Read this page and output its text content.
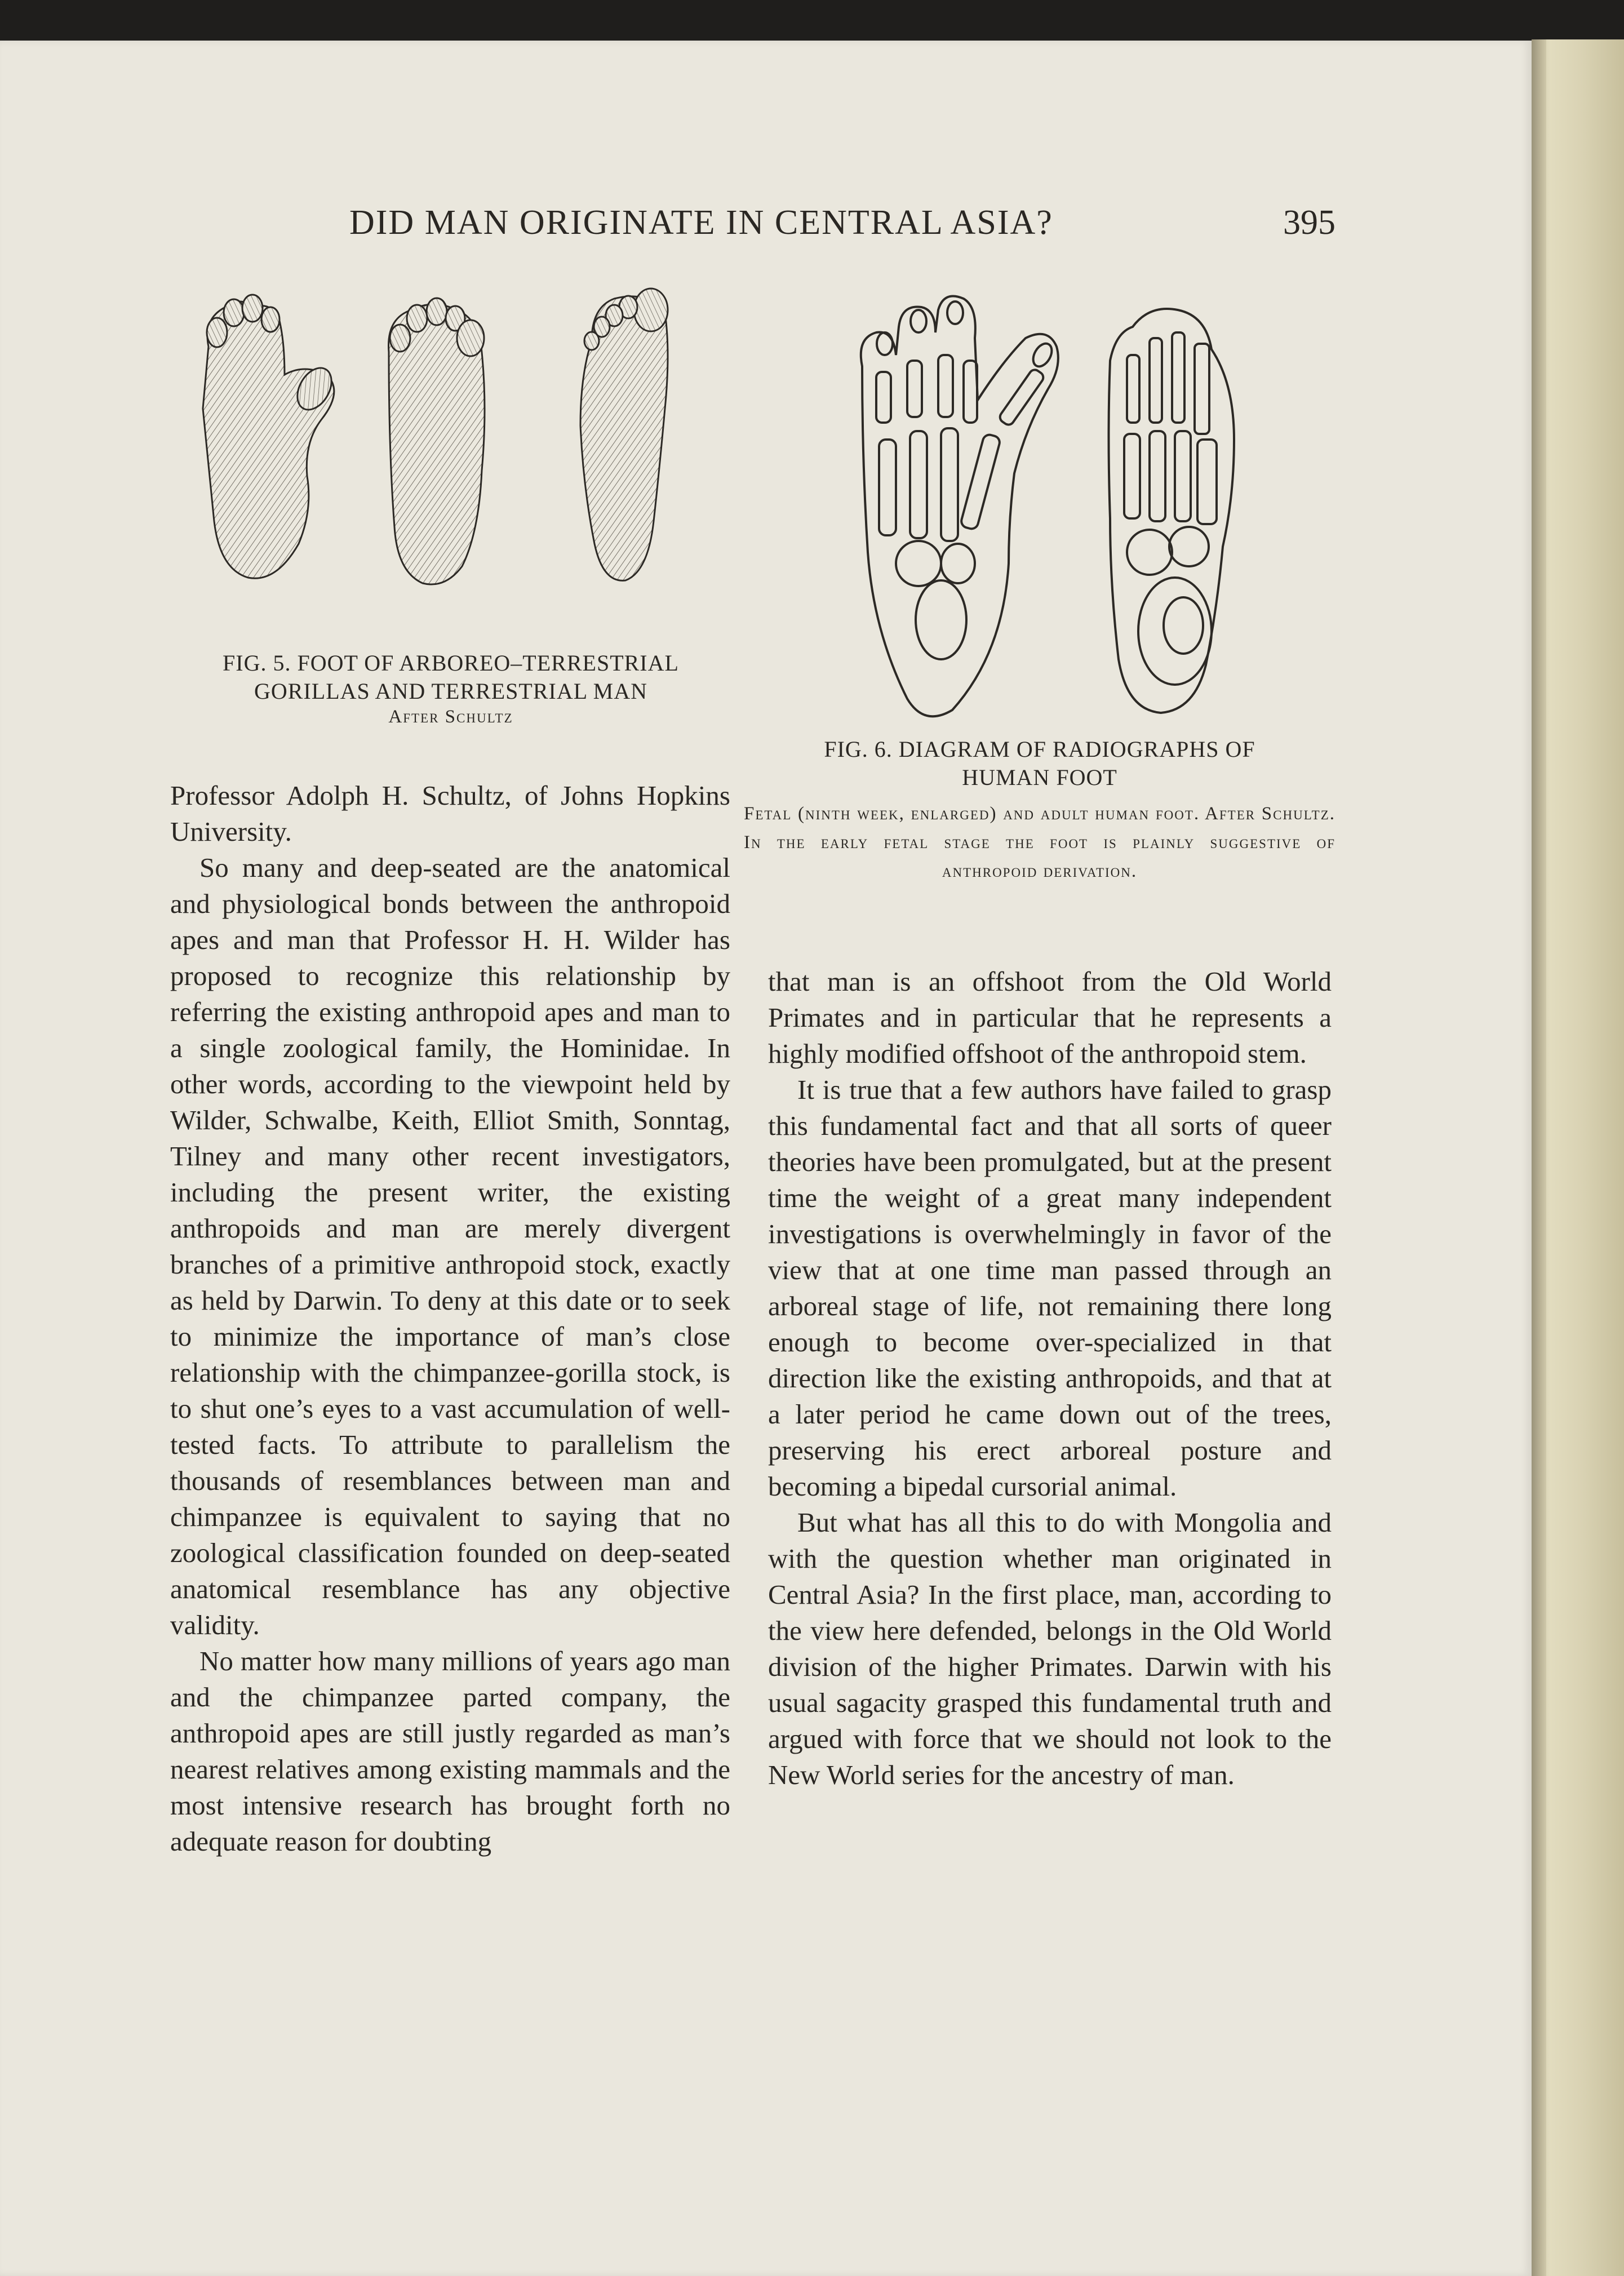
DID MAN ORIGINATE IN CENTRAL ASIA?	395
FIG. 5. FOOT OF ARBOREO–TERRESTRIAL
GORILLAS AND TERRESTRIAL MAN
After Schultz
FIG. 6. DIAGRAM OF RADIOGRAPHS OF
HUMAN FOOT
Fetal (ninth week, enlarged) and adult human foot. After Schultz. In the early fetal stage the foot is plainly suggestive of anthropoid derivation.

Professor Adolph H. Schultz, of Johns Hopkins University.

So many and deep-seated are the anatomical and physiological bonds between the anthropoid apes and man that Professor H. H. Wilder has proposed to recognize this relationship by referring the existing anthropoid apes and man to a single zoological family, the Hominidae. In other words, according to the viewpoint held by Wilder, Schwalbe, Keith, Elliot Smith, Sonntag, Tilney and many other recent investigators, including the present writer, the existing anthropoids and man are merely divergent branches of a primitive anthropoid stock, exactly as held by Darwin. To deny at this date or to seek to minimize the importance of man’s close relationship with the chimpanzee-gorilla stock, is to shut one’s eyes to a vast accumulation of well-tested facts. To attribute to parallelism the thousands of resemblances between man and chimpanzee is equivalent to saying that no zoological classification founded on deep-seated anatomical resemblance has any objective validity.

No matter how many millions of years ago man and the chimpanzee parted company, the anthropoid apes are still justly regarded as man’s nearest relatives among existing mammals and the most intensive research has brought forth no adequate reason for doubting

that man is an offshoot from the Old World Primates and in particular that he represents a highly modified offshoot of the anthropoid stem.

It is true that a few authors have failed to grasp this fundamental fact and that all sorts of queer theories have been promulgated, but at the present time the weight of a great many independent investigations is overwhelmingly in favor of the view that at one time man passed through an arboreal stage of life, not remaining there long enough to become over-specialized in that direction like the existing anthropoids, and that at a later period he came down out of the trees, preserving his erect arboreal posture and becoming a bipedal cursorial animal.

But what has all this to do with Mongolia and with the question whether man originated in Central Asia? In the first place, man, according to the view here defended, belongs in the Old World division of the higher Primates. Darwin with his usual sagacity grasped this fundamental truth and argued with force that we should not look to the New World series for the ancestry of man.
